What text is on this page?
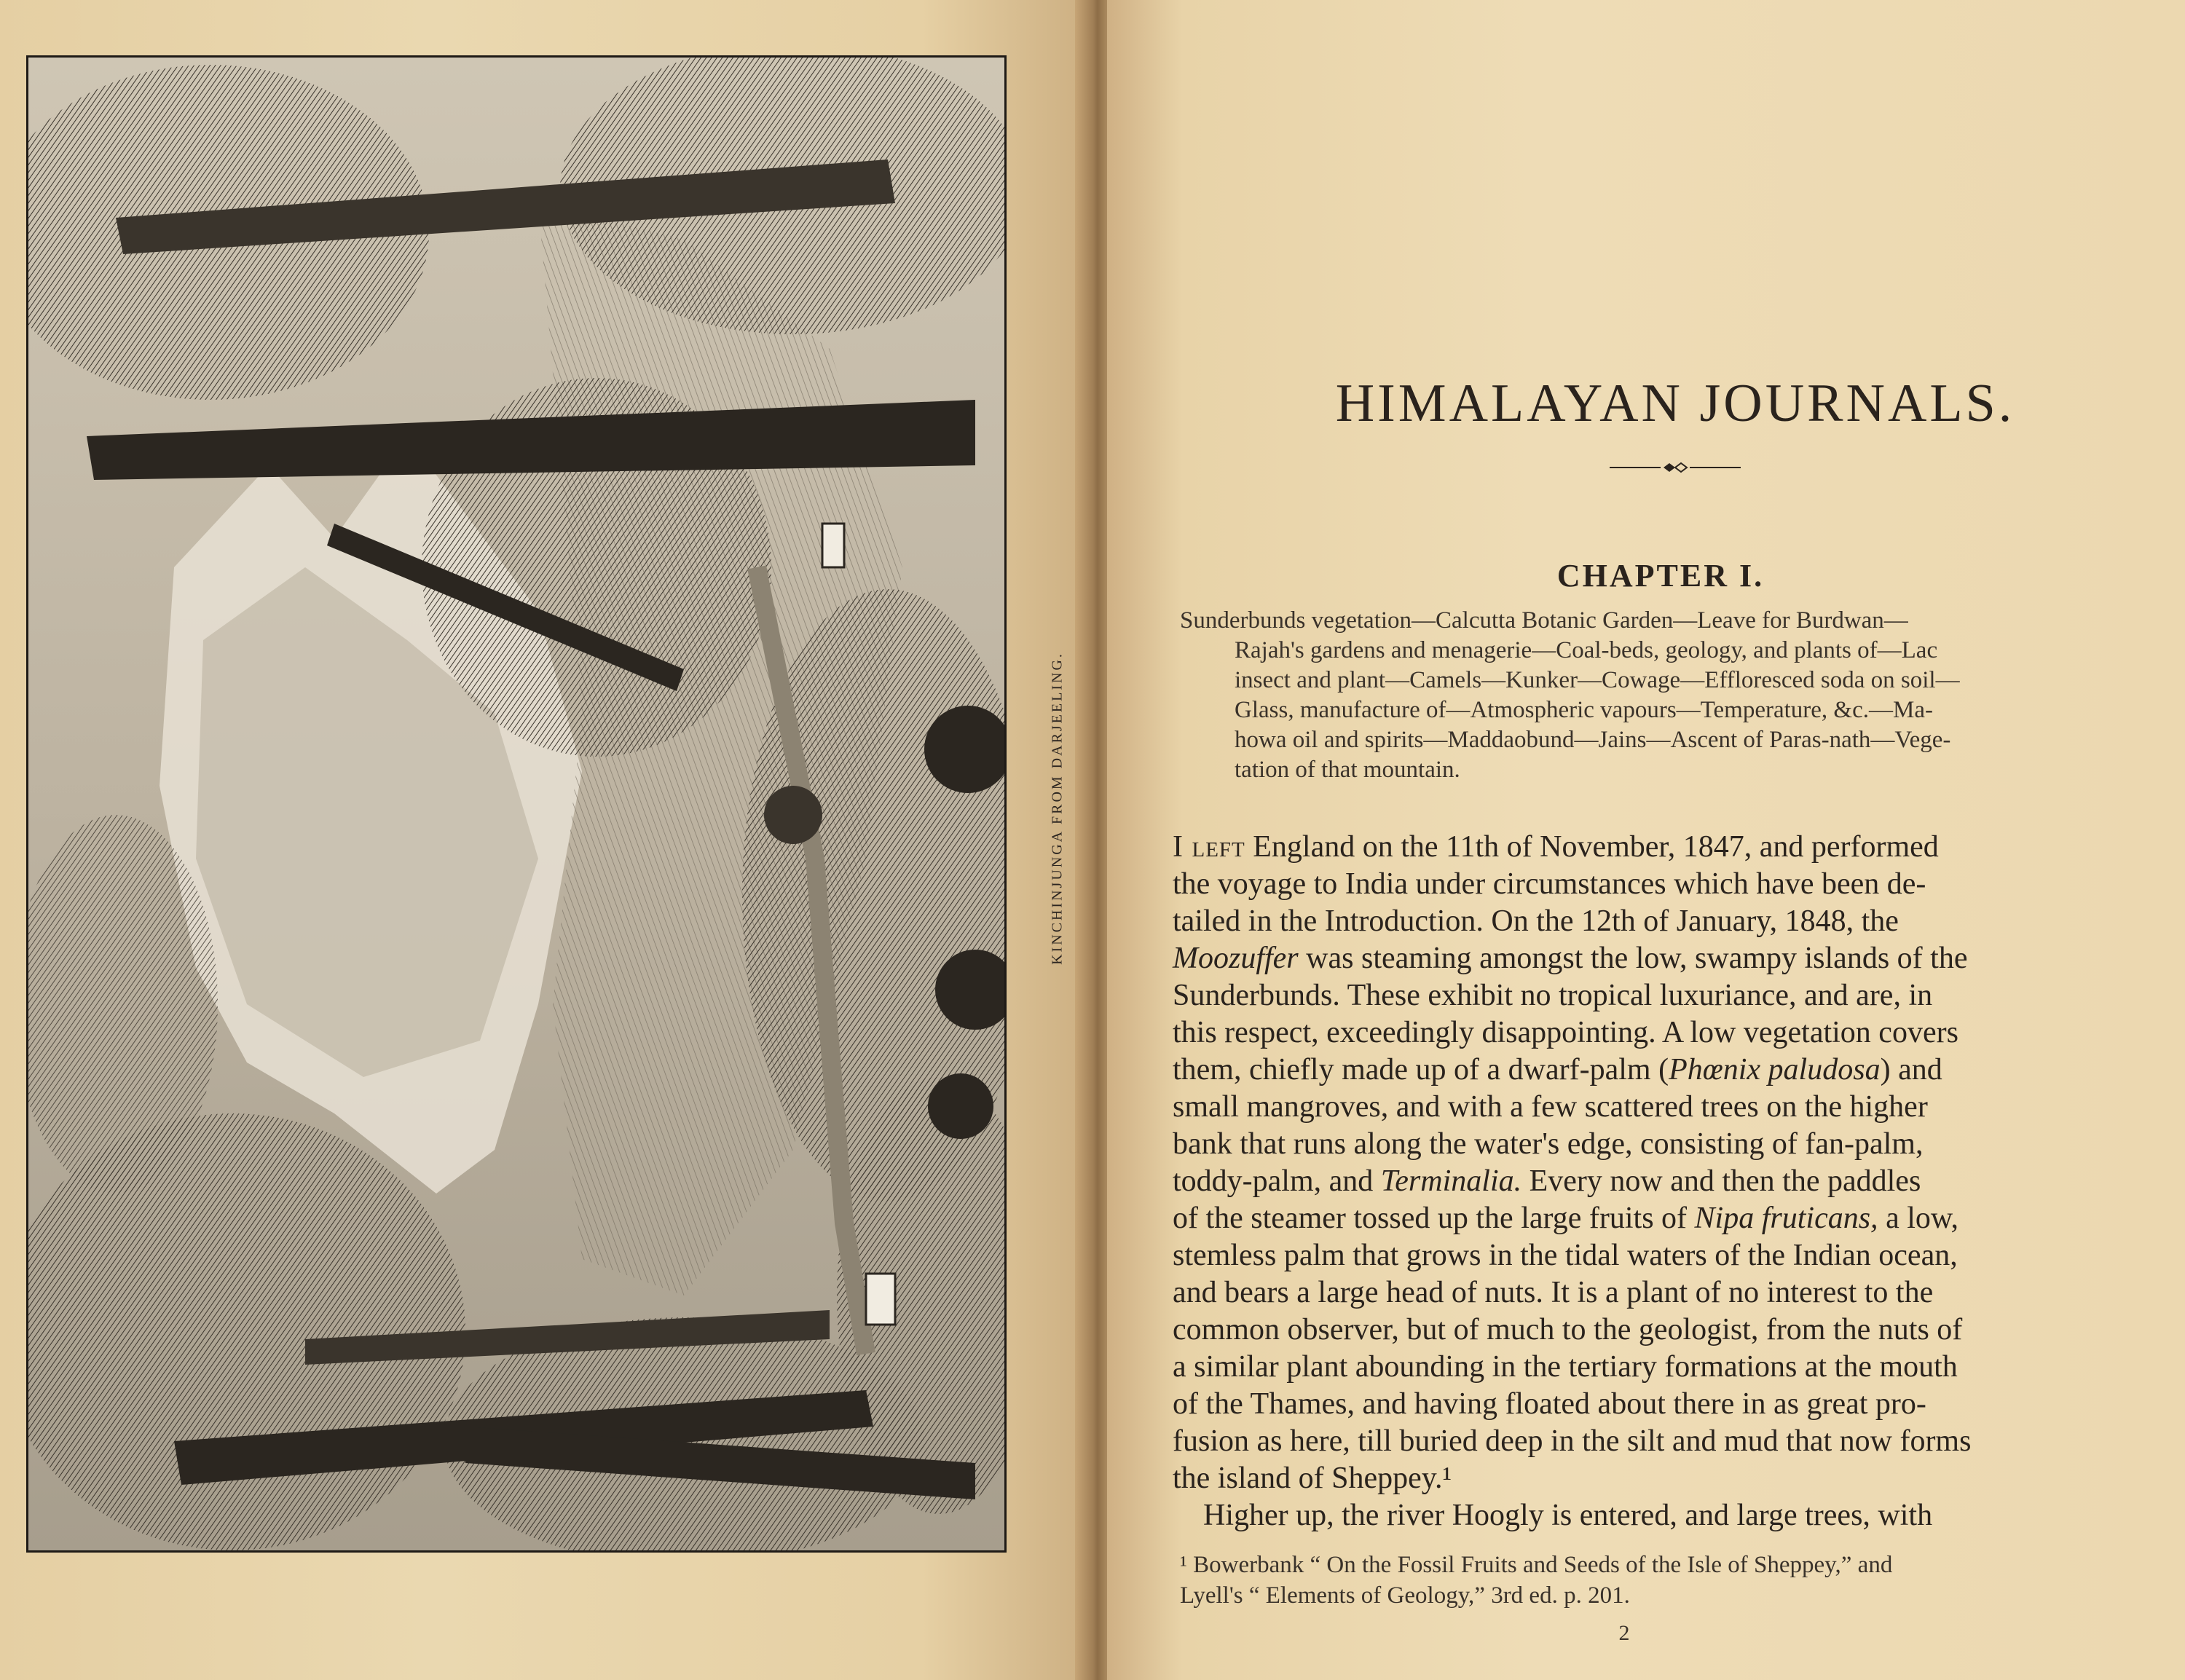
KINCHINJUNGA FROM DARJEELING.
HIMALAYAN JOURNALS.
CHAPTER I.
Sunderbunds vegetation—Calcutta Botanic Garden—Leave for Burdwan—
Rajah's gardens and menagerie—Coal-beds, geology, and plants of—Lac
insect and plant—Camels—Kunker—Cowage—Effloresced soda on soil—
Glass, manufacture of—Atmospheric vapours—Temperature, &c.—Ma-
howa oil and spirits—Maddaobund—Jains—Ascent of Paras-nath—Vege-
tation of that mountain.
I left England on the 11th of November, 1847, and performed
the voyage to India under circumstances which have been de-
tailed in the Introduction. On the 12th of January, 1848, the
Moozuffer was steaming amongst the low, swampy islands of the
Sunderbunds. These exhibit no tropical luxuriance, and are, in
this respect, exceedingly disappointing. A low vegetation covers
them, chiefly made up of a dwarf-palm (Phœnix paludosa) and
small mangroves, and with a few scattered trees on the higher
bank that runs along the water's edge, consisting of fan-palm,
toddy-palm, and Terminalia. Every now and then the paddles
of the steamer tossed up the large fruits of Nipa fruticans, a low,
stemless palm that grows in the tidal waters of the Indian ocean,
and bears a large head of nuts. It is a plant of no interest to the
common observer, but of much to the geologist, from the nuts of
a similar plant abounding in the tertiary formations at the mouth
of the Thames, and having floated about there in as great pro-
fusion as here, till buried deep in the silt and mud that now forms
the island of Sheppey.¹
Higher up, the river Hoogly is entered, and large trees, with
¹ Bowerbank “ On the Fossil Fruits and Seeds of the Isle of Sheppey,” and
Lyell's “ Elements of Geology,” 3rd ed. p. 201.
2
